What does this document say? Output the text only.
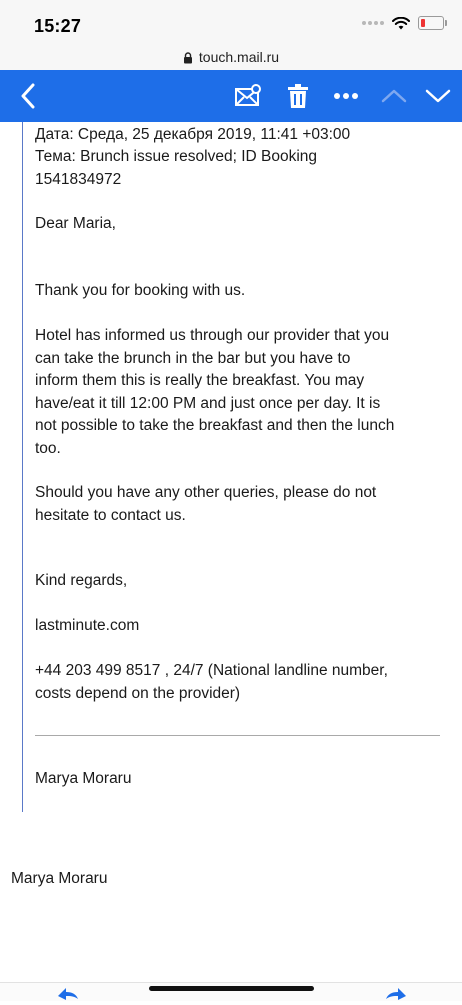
15:27
touch.mail.ru

Дата: Среда, 25 декабря 2019, 11:41 +03:00

Тема: Brunch issue resolved; ID Booking

1541834972

Dear Maria,

Thank you for booking with us.

Hotel has informed us through our provider that you
can take the brunch in the bar but you have to
inform them this is really the breakfast. You may
have/eat it till 12:00 PM and just once per day. It is
not possible to take the breakfast and then the lunch
too.
Should you have any other queries, please do not
hesitate to contact us.

Kind regards,

lastminute.com

+44 203 499 8517 , 24/7 (National landline number,
costs depend on the provider)

Marya Moraru

Marya Moraru
